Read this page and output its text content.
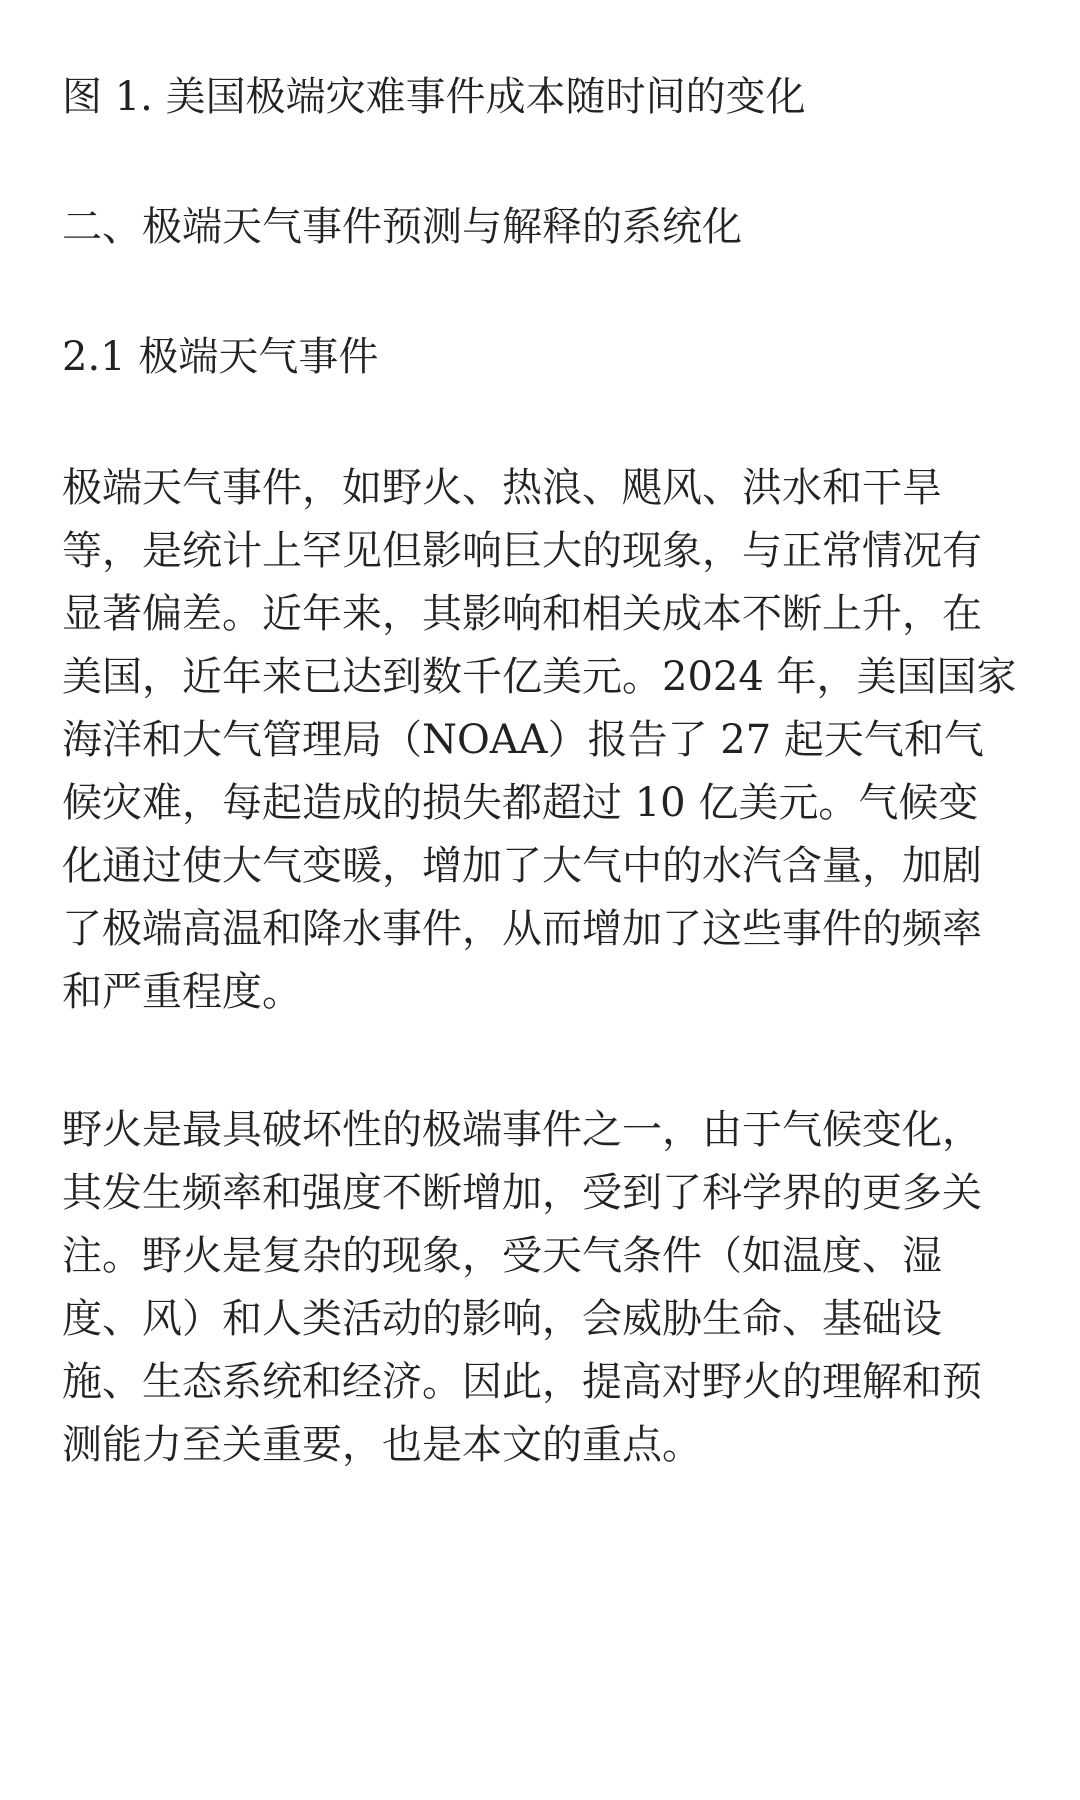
图 1. 美国极端灾难事件成本随时间的变化

二、极端天气事件预测与解释的系统化

2.1 极端天气事件

极端天气事件，如野火、热浪、飓风、洪水和干旱
等，是统计上罕见但影响巨大的现象，与正常情况有
显著偏差。近年来，其影响和相关成本不断上升，在
美国，近年来已达到数千亿美元。2024 年，美国国家
海洋和大气管理局（NOAA）报告了 27 起天气和气
候灾难，每起造成的损失都超过 10 亿美元。气候变
化通过使大气变暖，增加了大气中的水汽含量，加剧
了极端高温和降水事件，从而增加了这些事件的频率
和严重程度。

野火是最具破坏性的极端事件之一，由于气候变化，
其发生频率和强度不断增加，受到了科学界的更多关
注。野火是复杂的现象，受天气条件（如温度、湿
度、风）和人类活动的影响，会威胁生命、基础设
施、生态系统和经济。因此，提高对野火的理解和预
测能力至关重要，也是本文的重点。
